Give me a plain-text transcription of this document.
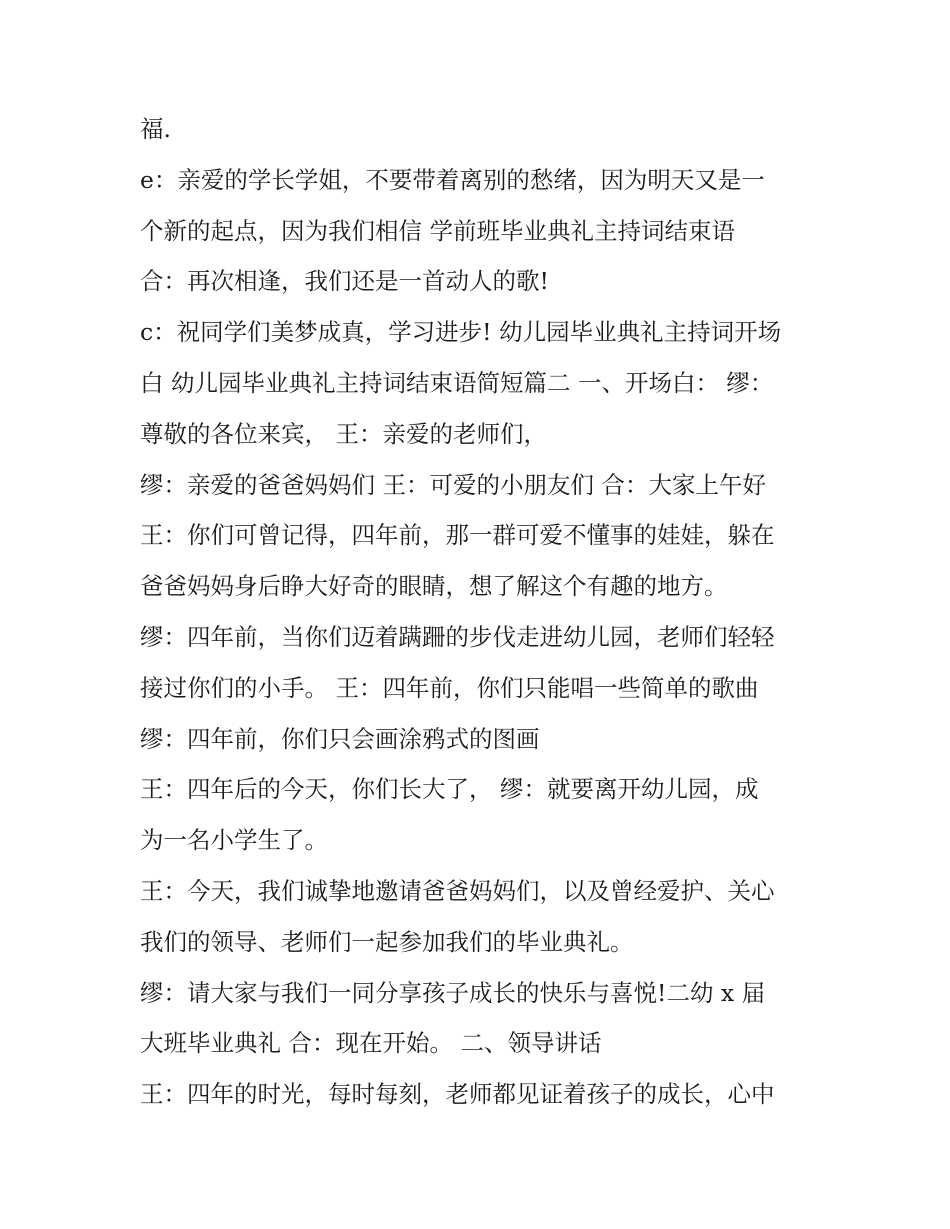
福.
e：亲爱的学长学姐，不要带着离别的愁绪，因为明天又是一
个新的起点，因为我们相信 学前班毕业典礼主持词结束语
合：再次相逢，我们还是一首动人的歌!
c：祝同学们美梦成真，学习进步! 幼儿园毕业典礼主持词开场
白 幼儿园毕业典礼主持词结束语简短篇二 一、开场白： 缪：
尊敬的各位来宾， 王：亲爱的老师们，
缪：亲爱的爸爸妈妈们 王：可爱的小朋友们 合：大家上午好
王：你们可曾记得，四年前，那一群可爱不懂事的娃娃，躲在
爸爸妈妈身后睁大好奇的眼睛，想了解这个有趣的地方。
缪：四年前，当你们迈着蹒跚的步伐走进幼儿园，老师们轻轻
接过你们的小手。 王：四年前，你们只能唱一些简单的歌曲
缪：四年前，你们只会画涂鸦式的图画
王：四年后的今天，你们长大了， 缪：就要离开幼儿园，成
为一名小学生了。
王：今天，我们诚挚地邀请爸爸妈妈们，以及曾经爱护、关心
我们的领导、老师们一起参加我们的毕业典礼。
缪：请大家与我们一同分享孩子成长的快乐与喜悦!二幼 x 届
大班毕业典礼 合：现在开始。 二、领导讲话
王：四年的时光，每时每刻，老师都见证着孩子的成长，心中
